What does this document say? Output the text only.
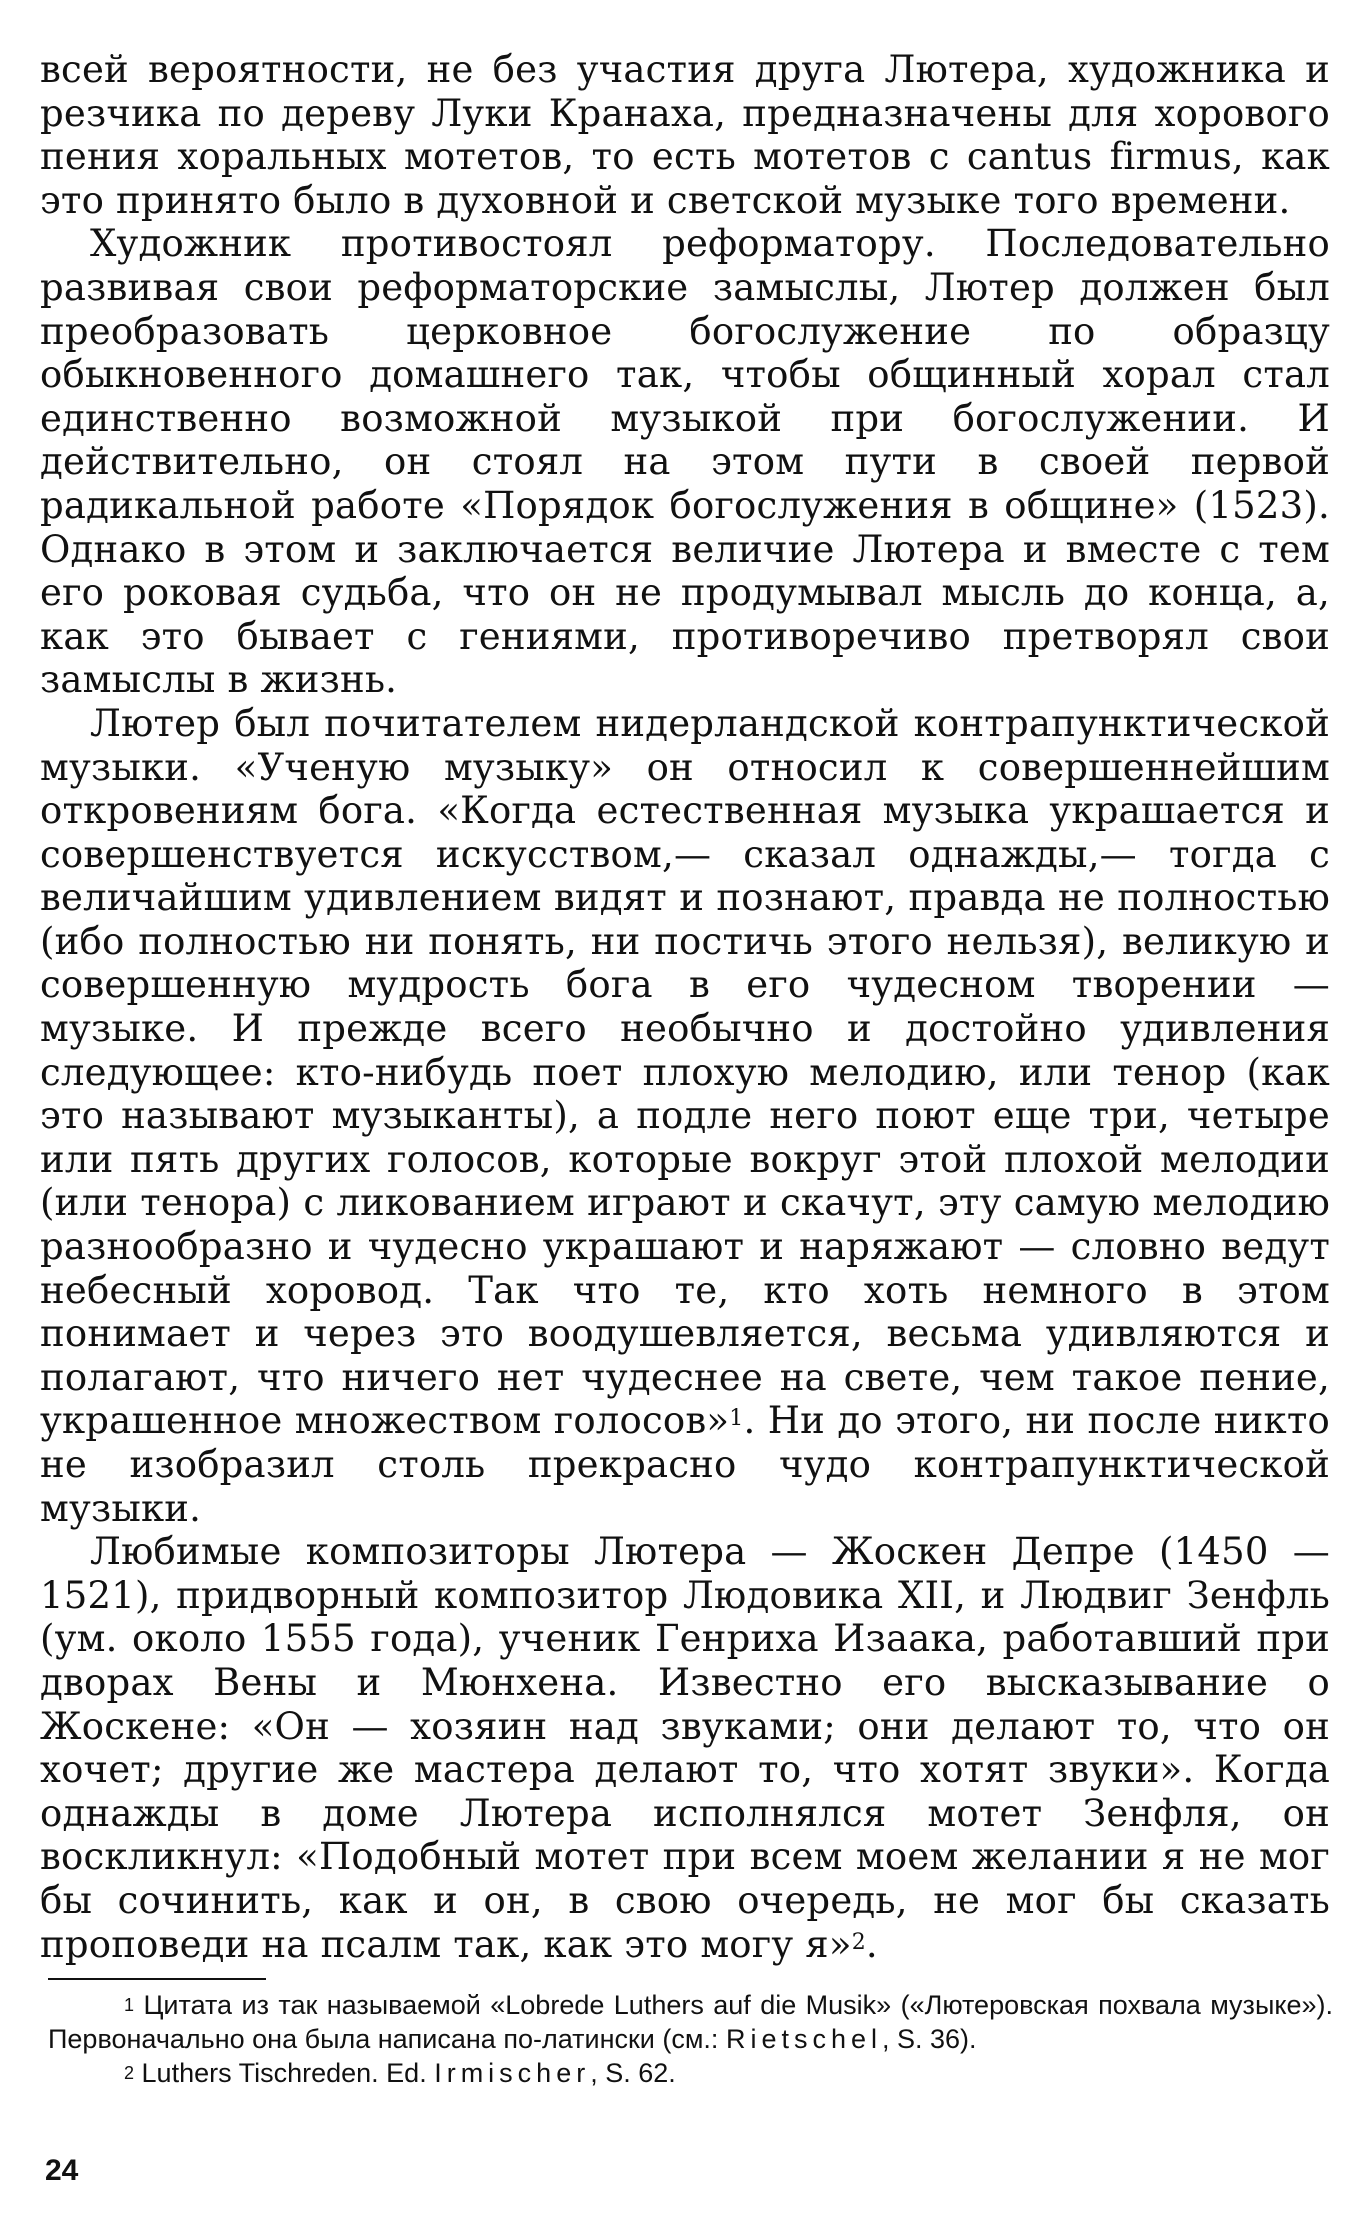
всей вероятности, не без участия друга Лютера, художника и резчика по дереву Луки Кранаха, предназначены для хорового пения хоральных мотетов, то есть мотетов с cantus firmus, как это принято было в духовной и светской музыке того времени.

Художник противостоял реформатору. Последовательно развивая свои реформаторские замыслы, Лютер должен был преобразовать церковное богослужение по образцу обыкновенного домашнего так, чтобы общинный хорал стал единственно возможной музыкой при богослужении. И действительно, он стоял на этом пути в своей первой радикальной работе «Порядок богослужения в общине» (1523). Однако в этом и заключается величие Лютера и вместе с тем его роковая судьба, что он не продумывал мысль до конца, а, как это бывает с гениями, противоречиво претворял свои замыслы в жизнь.

Лютер был почитателем нидерландской контрапунктической музыки. «Ученую музыку» он относил к совершеннейшим откровениям бога. «Когда естественная музыка украшается и совершенствуется искусством,— сказал однажды,— тогда с величайшим удивлением видят и познают, правда не полностью (ибо полностью ни понять, ни постичь этого нельзя), великую и совершенную мудрость бога в его чудесном творении — музыке. И прежде всего необычно и достойно удивления следующее: кто-нибудь поет плохую мелодию, или тенор (как это называют музыканты), а подле него поют еще три, четыре или пять других голосов, которые вокруг этой плохой мелодии (или тенора) с ликованием играют и скачут, эту самую мелодию разнообразно и чудесно украшают и наряжают — словно ведут небесный хоровод. Так что те, кто хоть немного в этом понимает и через это воодушевляется, весьма удивляются и полагают, что ничего нет чудеснее на свете, чем такое пение, украшенное множеством голосов»$^1$. Ни до этого, ни после никто не изобразил столь прекрасно чудо контрапунктической музыки.

Любимые композиторы Лютера — Жоскен Депре (1450 — 1521), придворный композитор Людовика XII, и Людвиг Зенфль (ум. около 1555 года), ученик Генриха Изаака, работавший при дворах Вены и Мюнхена. Известно его высказывание о Жоскене: «Он — хозяин над звуками; они делают то, что он хочет; другие же мастера делают то, что хотят звуки». Когда однажды в доме Лютера исполнялся мотет Зенфля, он воскликнул: «Подобный мотет при всем моем желании я не мог бы сочинить, как и он, в свою очередь, не мог бы сказать проповеди на псалм так, как это могу я»$^2$.

$^1$ Цитата из так называемой «Lobrede Luthers auf die Musik» («Лютеровская похвала музыке»). Первоначально она была написана по-латински (см.: Rietschel, S. 36).

$^2$ Luthers Tischreden. Ed. Irmischer, S. 62.

24
